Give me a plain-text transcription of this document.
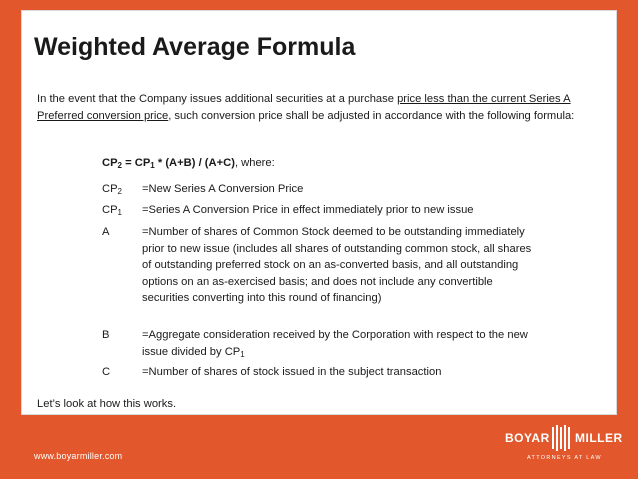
Weighted Average Formula
In the event that the Company issues additional securities at a purchase price less than the current Series A Preferred conversion price, such conversion price shall be adjusted in accordance with the following formula:
$CP_2 = CP_1 * (A+B) / (A+C)$, where:
$CP_2$	=New Series A Conversion Price
$CP_1$	=Series A Conversion Price in effect immediately prior to new issue
A	=Number of shares of Common Stock deemed to be outstanding immediately prior to new issue (includes all shares of outstanding common stock, all shares of outstanding preferred stock on an as-converted basis, and all outstanding options on an as-exercised basis; and does not include any convertible securities converting into this round of financing)
B	=Aggregate consideration received by the Corporation with respect to the new issue divided by $CP_1$
C	=Number of shares of stock issued in the subject transaction
Let’s look at how this works.
www.boyarmiller.com
BOYAR MILLER
ATTORNEYS AT LAW
